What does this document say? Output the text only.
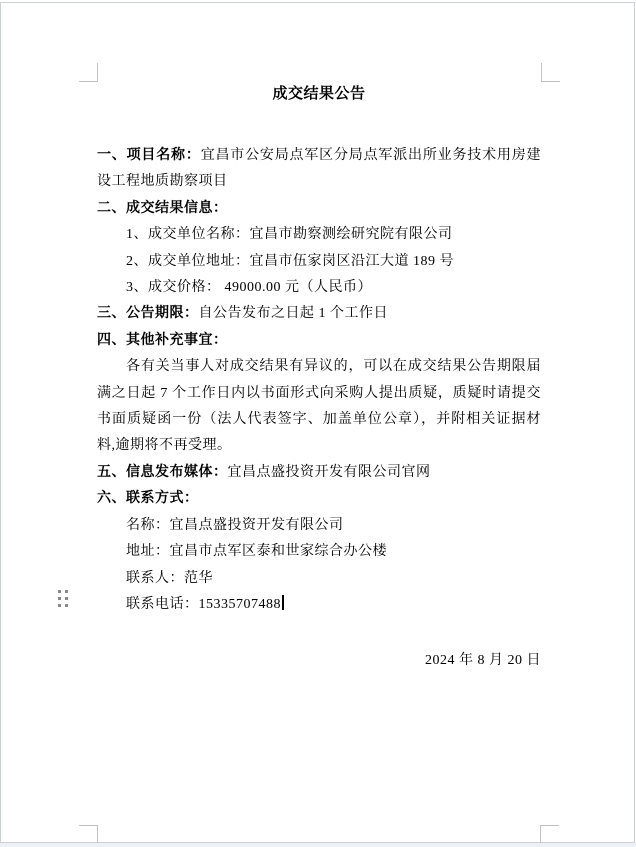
成交结果公告
一、项目名称：宜昌市公安局点军区分局点军派出所业务技术用房建设工程地质勘察项目
二、成交结果信息：
1、成交单位名称：宜昌市勘察测绘研究院有限公司
2、成交单位地址：宜昌市伍家岗区沿江大道 189 号
3、成交价格： 49000.00 元（人民币）
三、公告期限：自公告发布之日起 1 个工作日
四、其他补充事宜：
各有关当事人对成交结果有异议的，可以在成交结果公告期限届满之日起 7 个工作日内以书面形式向采购人提出质疑，质疑时请提交书面质疑函一份（法人代表签字、加盖单位公章），并附相关证据材料,逾期将不再受理。
五、信息发布媒体：宜昌点盛投资开发有限公司官网
六、联系方式：
名称：宜昌点盛投资开发有限公司
地址：宜昌市点军区泰和世家综合办公楼
联系人：范华
联系电话：15335707488
2024 年 8 月 20 日
